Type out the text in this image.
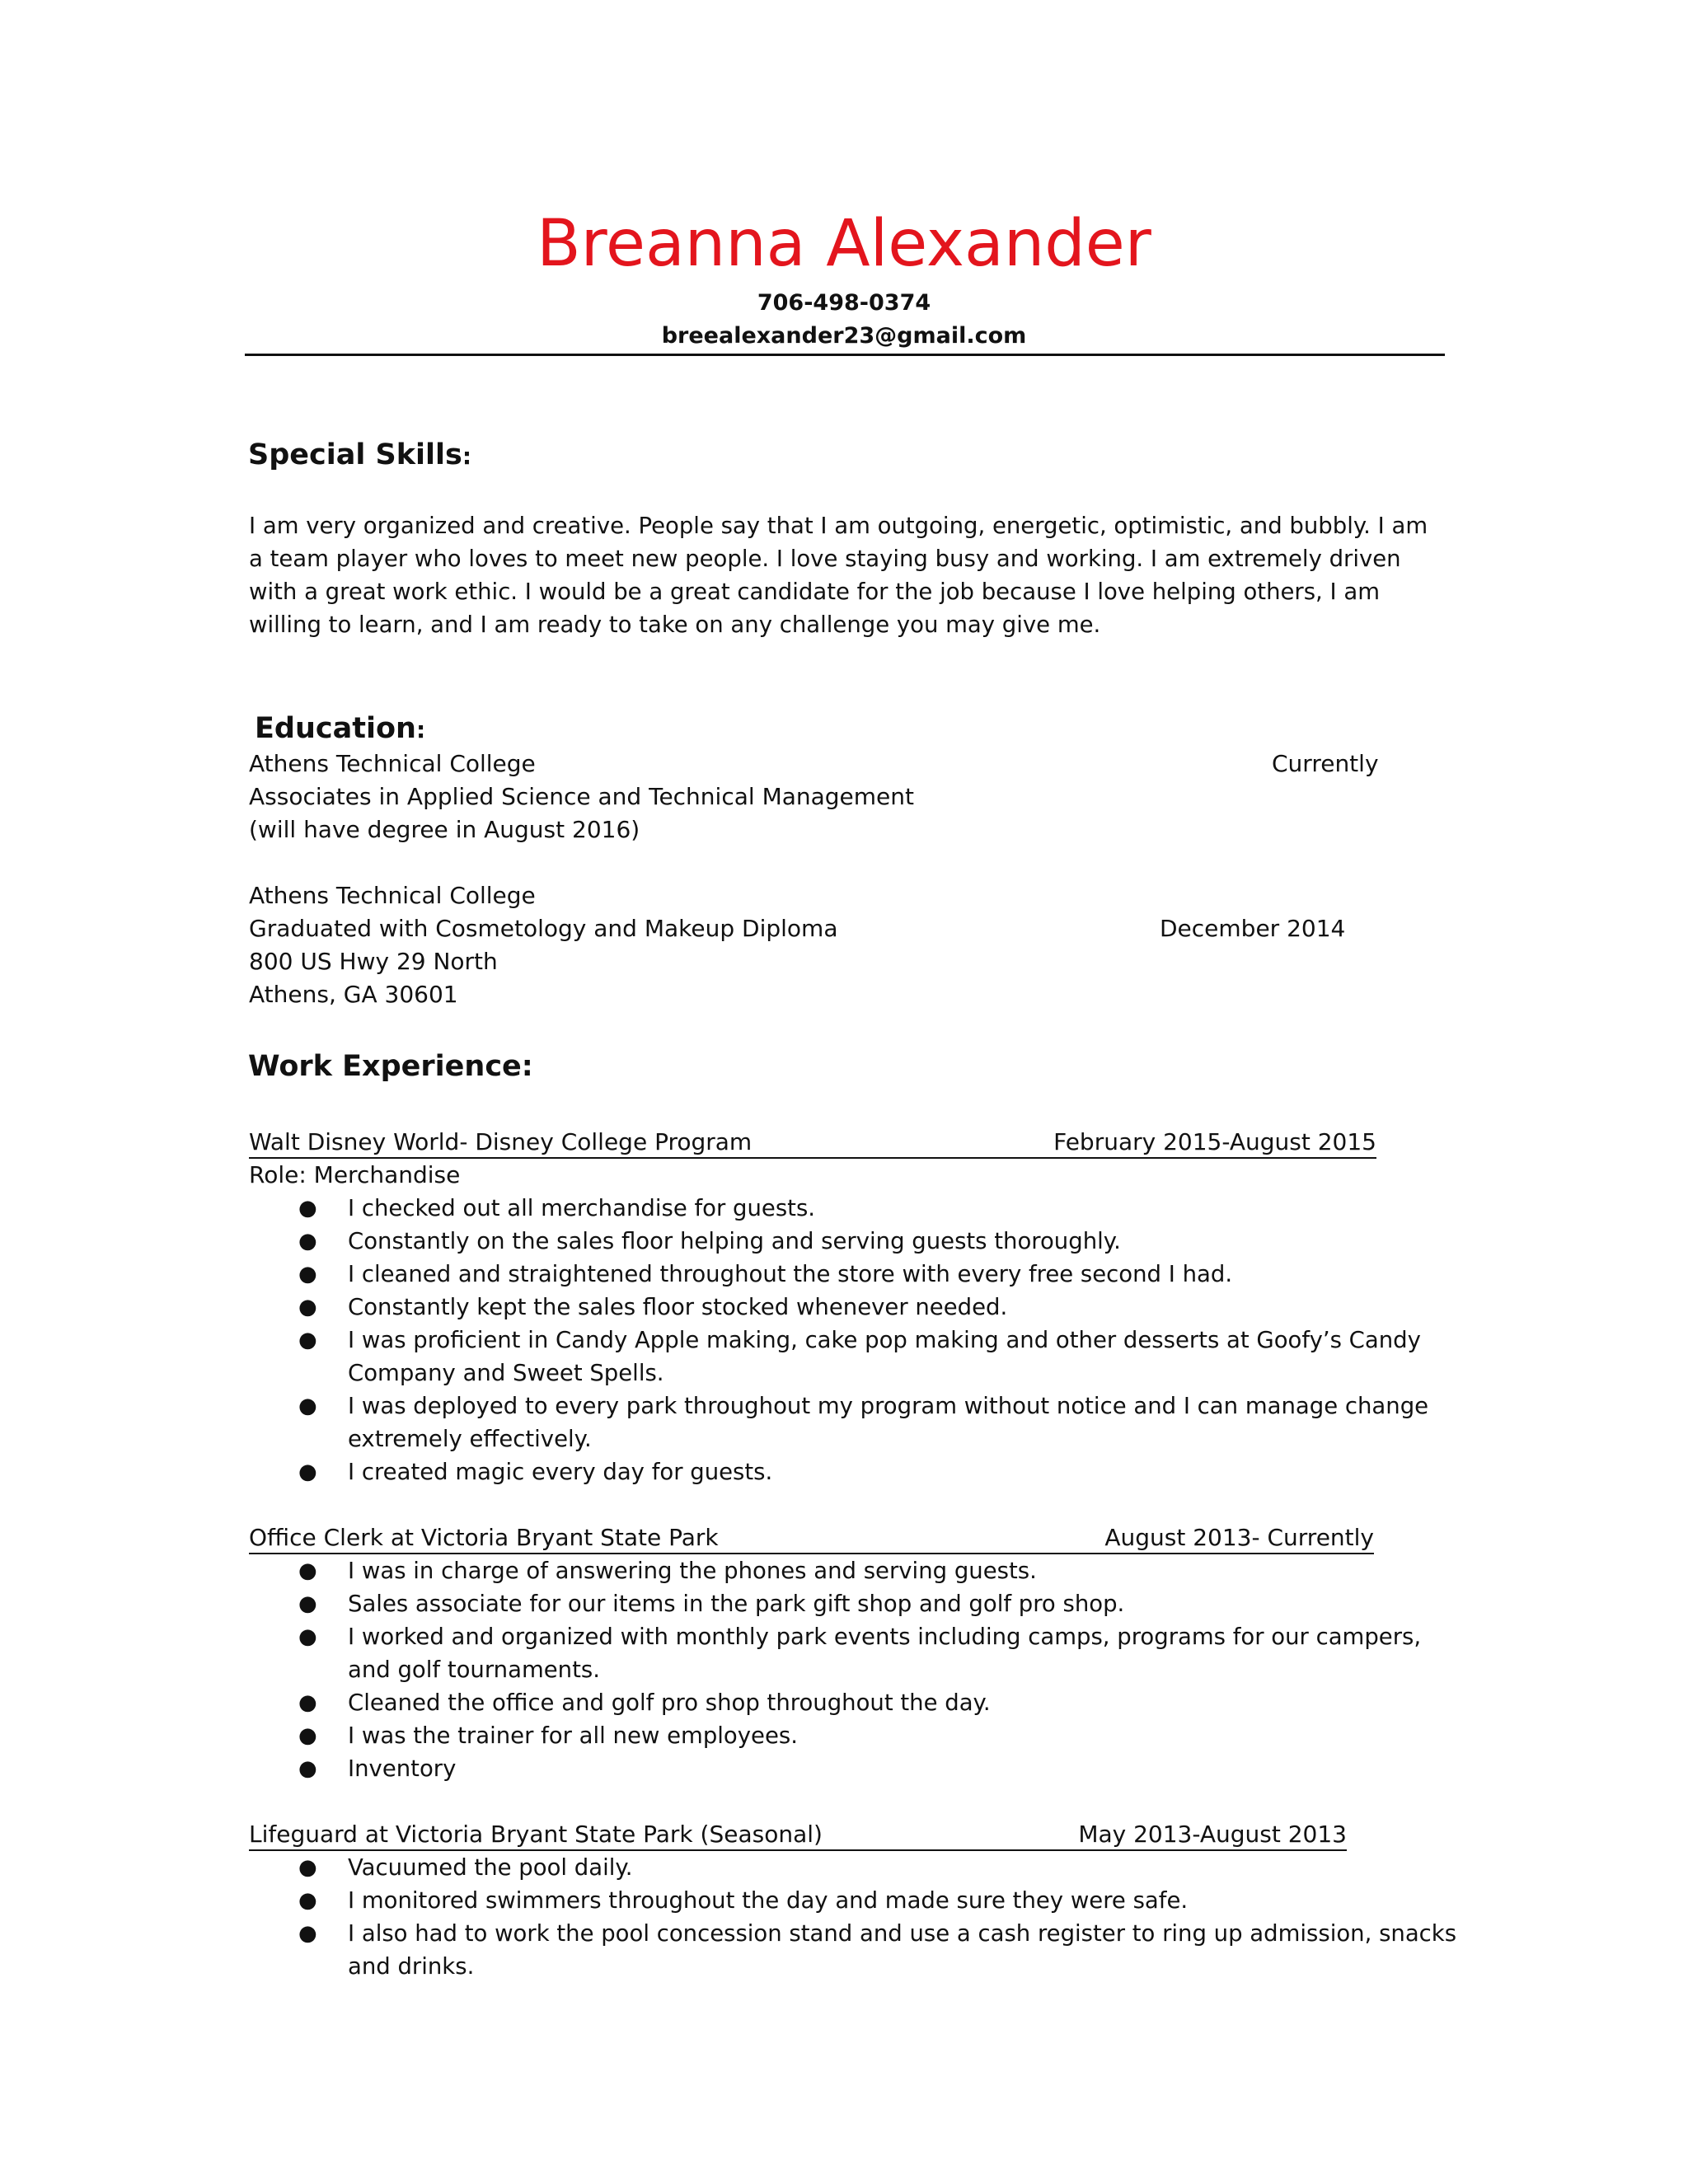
Breanna Alexander
706-498-0374
breealexander23@gmail.com
Special Skills:
I am very organized and creative. People say that I am outgoing, energetic, optimistic, and bubbly. I am a team player who loves to meet new people. I love staying busy and working. I am extremely driven with a great work ethic. I would be a great candidate for the job because I love helping others, I am willing to learn, and I am ready to take on any challenge you may give me.
Education:
Athens Technical College	Currently
Associates in Applied Science and Technical Management
(will have degree in August 2016)
Athens Technical College
Graduated with Cosmetology and Makeup Diploma	December 2014
800 US Hwy 29 North
Athens, GA 30601
Work Experience:
Walt Disney World- Disney College Program	February 2015-August 2015
Role: Merchandise
● I checked out all merchandise for guests.
● Constantly on the sales floor helping and serving guests thoroughly.
● I cleaned and straightened throughout the store with every free second I had.
● Constantly kept the sales floor stocked whenever needed.
● I was proficient in Candy Apple making, cake pop making and other desserts at Goofy’s Candy Company and Sweet Spells.
● I was deployed to every park throughout my program without notice and I can manage change extremely effectively.
● I created magic every day for guests.
Office Clerk at Victoria Bryant State Park	August 2013- Currently
● I was in charge of answering the phones and serving guests.
● Sales associate for our items in the park gift shop and golf pro shop.
● I worked and organized with monthly park events including camps, programs for our campers, and golf tournaments.
● Cleaned the office and golf pro shop throughout the day.
● I was the trainer for all new employees.
● Inventory
Lifeguard at Victoria Bryant State Park (Seasonal)	May 2013-August 2013
● Vacuumed the pool daily.
● I monitored swimmers throughout the day and made sure they were safe.
● I also had to work the pool concession stand and use a cash register to ring up admission, snacks and drinks.
